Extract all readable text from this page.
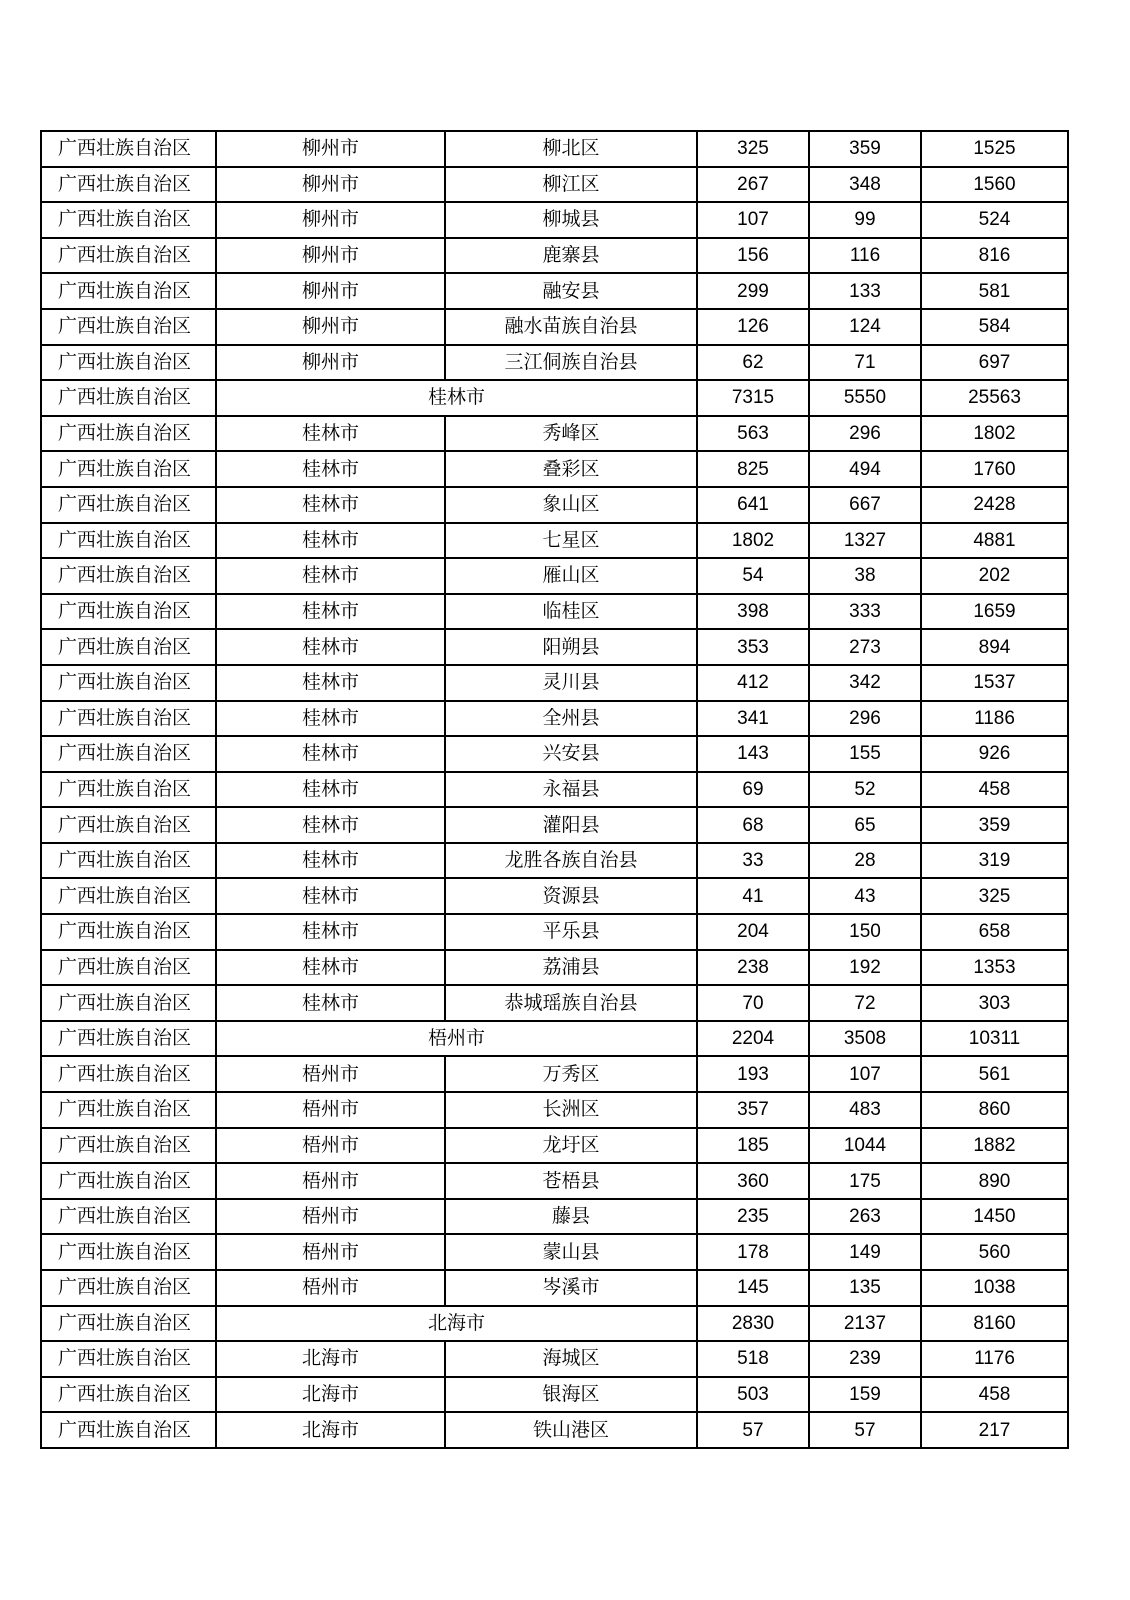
广西壮族自治区	柳州市	柳北区	325	359	1525
广西壮族自治区	柳州市	柳江区	267	348	1560
广西壮族自治区	柳州市	柳城县	107	99	524
广西壮族自治区	柳州市	鹿寨县	156	116	816
广西壮族自治区	柳州市	融安县	299	133	581
广西壮族自治区	柳州市	融水苗族自治县	126	124	584
广西壮族自治区	柳州市	三江侗族自治县	62	71	697
广西壮族自治区	桂林市		7315	5550	25563
广西壮族自治区	桂林市	秀峰区	563	296	1802
广西壮族自治区	桂林市	叠彩区	825	494	1760
广西壮族自治区	桂林市	象山区	641	667	2428
广西壮族自治区	桂林市	七星区	1802	1327	4881
广西壮族自治区	桂林市	雁山区	54	38	202
广西壮族自治区	桂林市	临桂区	398	333	1659
广西壮族自治区	桂林市	阳朔县	353	273	894
广西壮族自治区	桂林市	灵川县	412	342	1537
广西壮族自治区	桂林市	全州县	341	296	1186
广西壮族自治区	桂林市	兴安县	143	155	926
广西壮族自治区	桂林市	永福县	69	52	458
广西壮族自治区	桂林市	灌阳县	68	65	359
广西壮族自治区	桂林市	龙胜各族自治县	33	28	319
广西壮族自治区	桂林市	资源县	41	43	325
广西壮族自治区	桂林市	平乐县	204	150	658
广西壮族自治区	桂林市	荔浦县	238	192	1353
广西壮族自治区	桂林市	恭城瑶族自治县	70	72	303
广西壮族自治区	梧州市		2204	3508	10311
广西壮族自治区	梧州市	万秀区	193	107	561
广西壮族自治区	梧州市	长洲区	357	483	860
广西壮族自治区	梧州市	龙圩区	185	1044	1882
广西壮族自治区	梧州市	苍梧县	360	175	890
广西壮族自治区	梧州市	藤县	235	263	1450
广西壮族自治区	梧州市	蒙山县	178	149	560
广西壮族自治区	梧州市	岑溪市	145	135	1038
广西壮族自治区	北海市		2830	2137	8160
广西壮族自治区	北海市	海城区	518	239	1176
广西壮族自治区	北海市	银海区	503	159	458
广西壮族自治区	北海市	铁山港区	57	57	217
